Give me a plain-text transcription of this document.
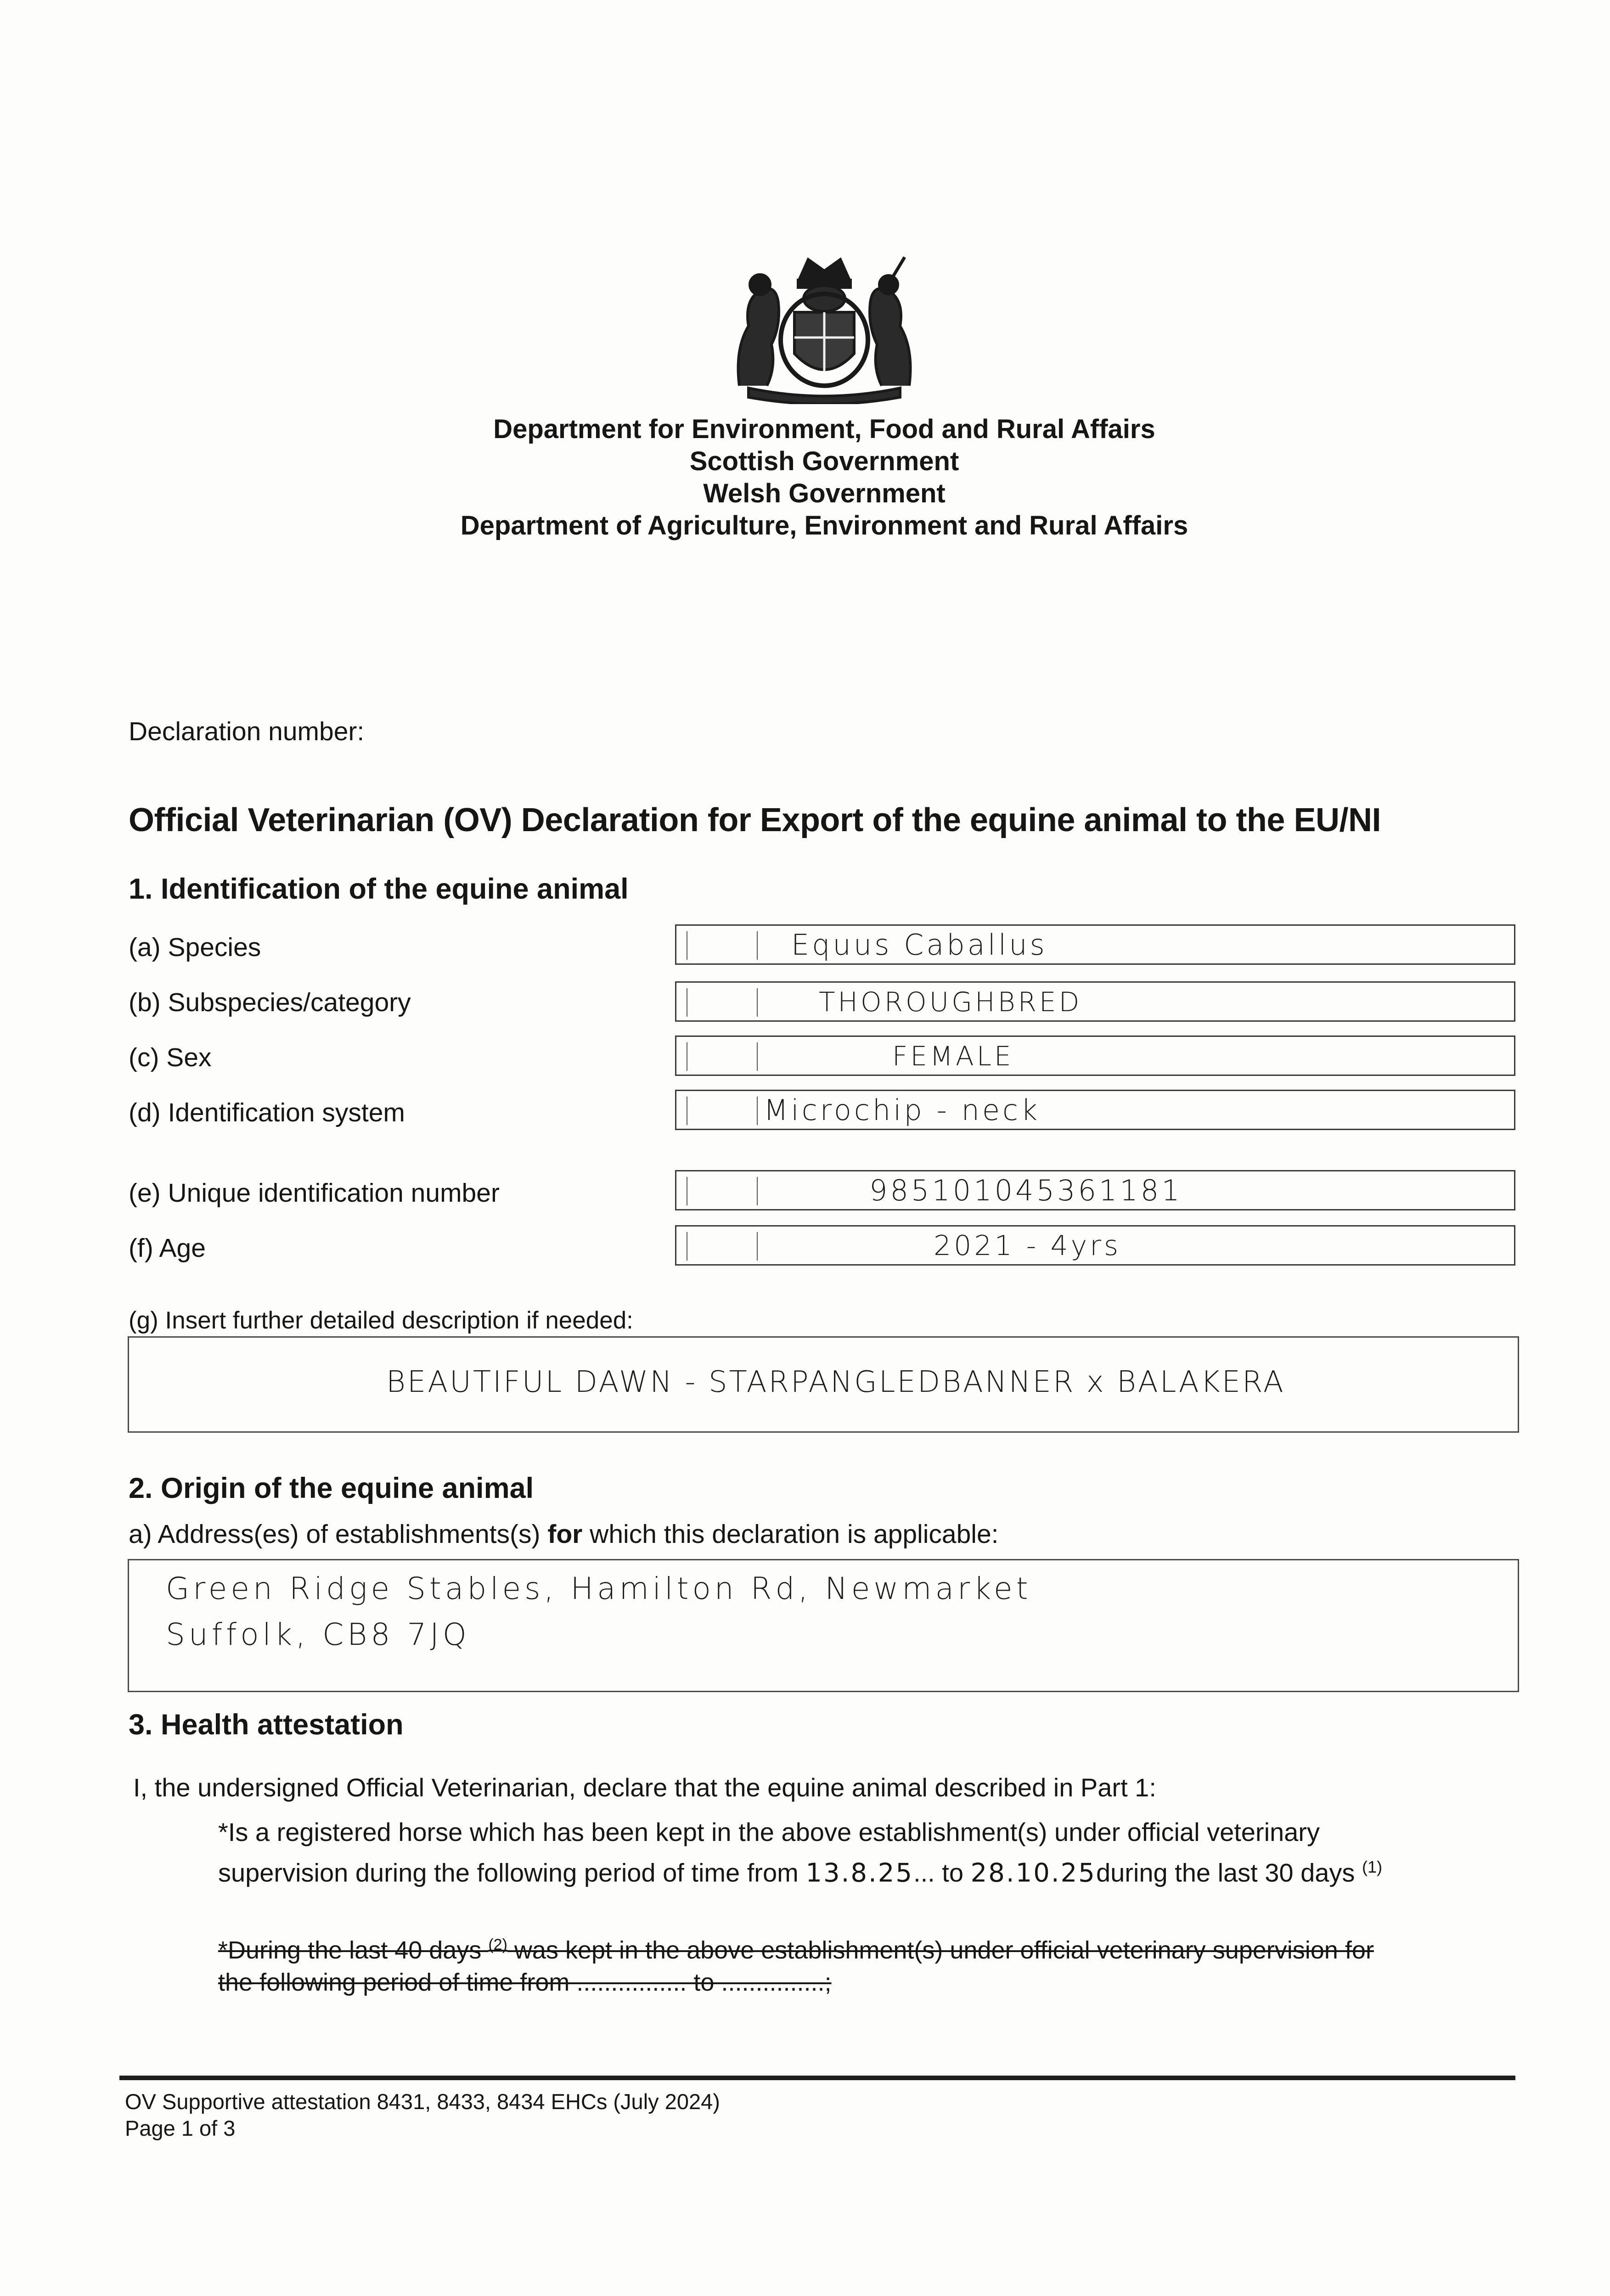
Department for Environment, Food and Rural Affairs
Scottish Government
Welsh Government
Department of Agriculture, Environment and Rural Affairs
Declaration number:
Official Veterinarian (OV) Declaration for Export of the equine animal to the EU/NI
1. Identification of the equine animal
(a) Species	Equus Caballus
(b) Subspecies/category	THOROUGHBRED
(c) Sex	FEMALE
(d) Identification system	Microchip - neck
(e) Unique identification number	985101045361181
(f) Age	2021 - 4yrs
(g) Insert further detailed description if needed:
BEAUTIFUL DAWN - STARPANGLEDBANNER x BALAKERA
2. Origin of the equine animal
a) Address(es) of establishments(s) for which this declaration is applicable:
Green Ridge Stables, Hamilton Rd, Newmarket
Suffolk, CB8 7JQ
3. Health attestation
I, the undersigned Official Veterinarian, declare that the equine animal described in Part 1:
*Is a registered horse which has been kept in the above establishment(s) under official veterinary
supervision during the following period of time from 13.8.25... to 28.10.25during the last 30 days $^{(1)}$
*During the last 40 days $^{(2)}$ was kept in the above establishment(s) under official veterinary supervision for
the following period of time from ................ to ...............;
OV Supportive attestation 8431, 8433, 8434 EHCs (July 2024)
Page 1 of 3
